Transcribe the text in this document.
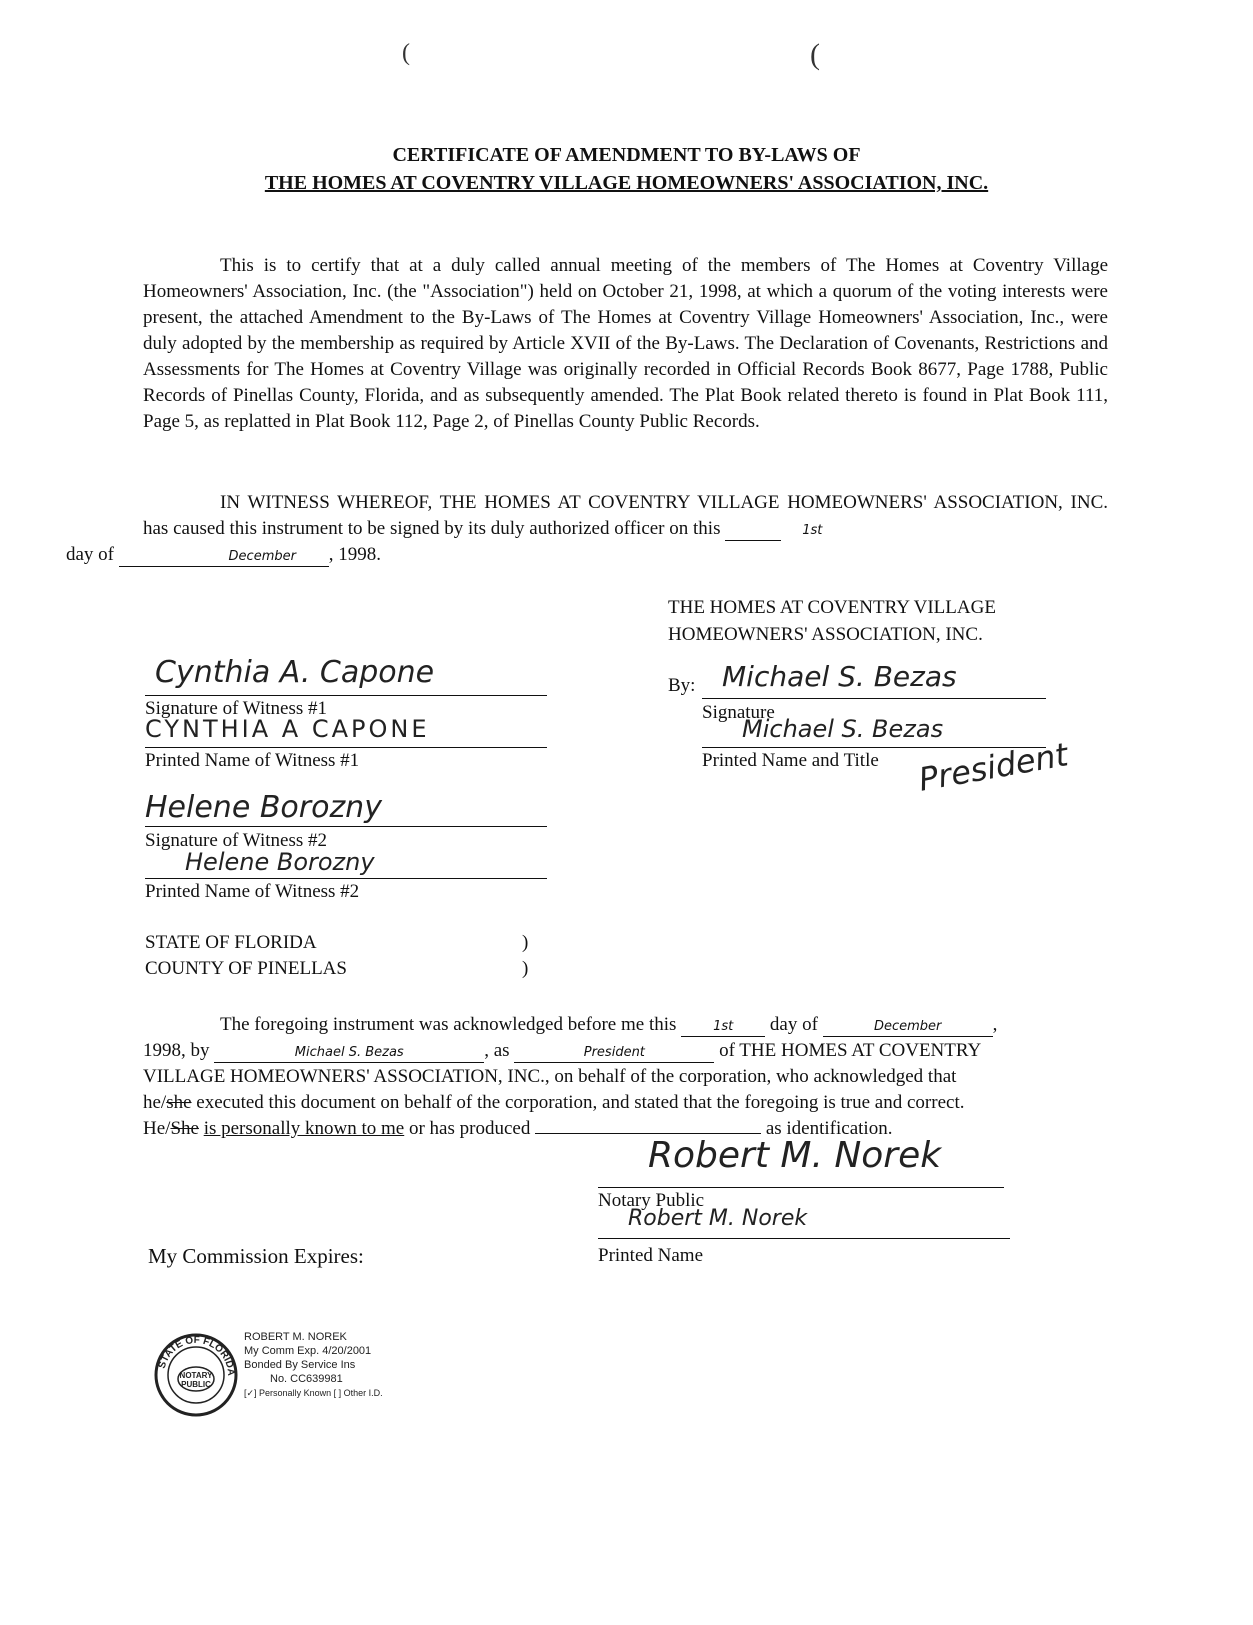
(	(
CERTIFICATE OF AMENDMENT TO BY-LAWS OF
THE HOMES AT COVENTRY VILLAGE HOMEOWNERS' ASSOCIATION, INC.
This is to certify that at a duly called annual meeting of the members of The Homes at Coventry Village Homeowners' Association, Inc. (the "Association") held on October 21, 1998, at which a quorum of the voting interests were present, the attached Amendment to the By-Laws of The Homes at Coventry Village Homeowners' Association, Inc., were duly adopted by the membership as required by Article XVII of the By-Laws. The Declaration of Covenants, Restrictions and Assessments for The Homes at Coventry Village was originally recorded in Official Records Book 8677, Page 1788, Public Records of Pinellas County, Florida, and as subsequently amended. The Plat Book related thereto is found in Plat Book 111, Page 5, as replatted in Plat Book 112, Page 2, of Pinellas County Public Records.
IN WITNESS WHEREOF, THE HOMES AT COVENTRY VILLAGE HOMEOWNERS' ASSOCIATION, INC. has caused this instrument to be signed by its duly authorized officer on this	1st
day of	December , 1998.
THE HOMES AT COVENTRY VILLAGE
HOMEOWNERS' ASSOCIATION, INC.
Cynthia A. Capone
Signature of Witness #1
CYNTHIA A CAPONE
Printed Name of Witness #1
By: Michael S. Bezas
Signature
Michael S. Bezas
Printed Name and Title President
Helene Borozny
Signature of Witness #2
Helene Borozny
Printed Name of Witness #2
STATE OF FLORIDA	)
COUNTY OF PINELLAS	)
The foregoing instrument was acknowledged before me this	1st day of	December	,
1998, by	Michael S. Bezas	, as	President	of THE HOMES AT COVENTRY
VILLAGE HOMEOWNERS' ASSOCIATION, INC., on behalf of the corporation, who acknowledged that
he/she executed this document on behalf of the corporation, and stated that the foregoing is true and correct.
He/She is personally known to me or has produced	as identification.
Robert M. Norek
Notary Public
Robert M. Norek
Printed Name
My Commission Expires:
STATE OF FLORIDA
NOTARY
PUBLIC
ROBERT M. NOREK
My Comm Exp. 4/20/2001
Bonded By Service Ins
No. CC639981
[✓] Personally Known [ ] Other I.D.
